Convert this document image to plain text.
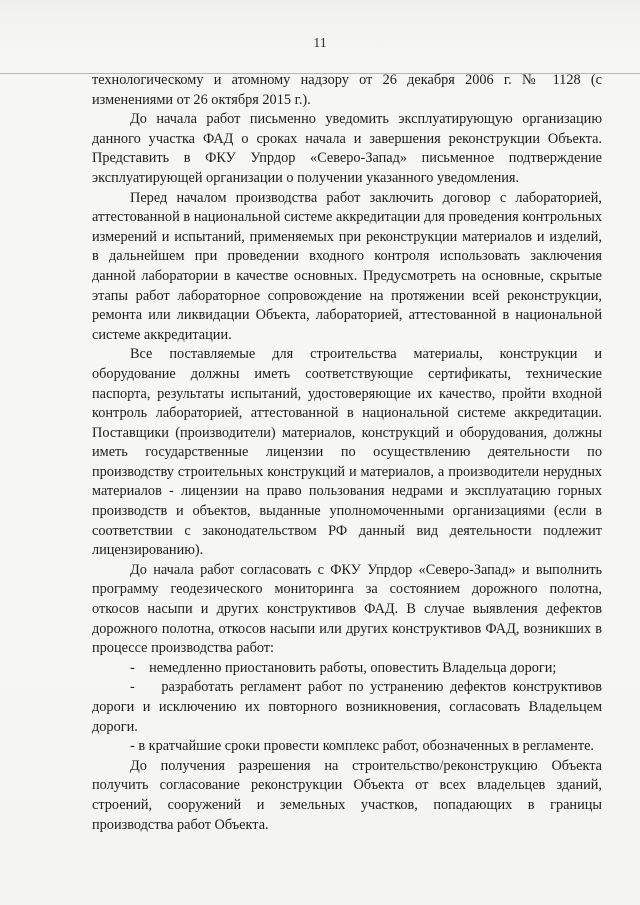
11

технологическому и атомному надзору от 26 декабря 2006 г. № 1128 (с изменениями от 26 октября 2015 г.).

До начала работ письменно уведомить эксплуатирующую организацию данного участка ФАД о сроках начала и завершения реконструкции Объекта. Представить в ФКУ Упрдор «Северо-Запад» письменное подтверждение эксплуатирующей организации о получении указанного уведомления.

Перед началом производства работ заключить договор с лабораторией, аттестованной в национальной системе аккредитации для проведения контрольных измерений и испытаний, применяемых при реконструкции материалов и изделий, в дальнейшем при проведении входного контроля использовать заключения данной лаборатории в качестве основных. Предусмотреть на основные, скрытые этапы работ лабораторное сопровождение на протяжении всей реконструкции, ремонта или ликвидации Объекта, лабораторией, аттестованной в национальной системе аккредитации.

Все поставляемые для строительства материалы, конструкции и оборудование должны иметь соответствующие сертификаты, технические паспорта, результаты испытаний, удостоверяющие их качество, пройти входной контроль лабораторией, аттестованной в национальной системе аккредитации. Поставщики (производители) материалов, конструкций и оборудования, должны иметь государственные лицензии по осуществлению деятельности по производству строительных конструкций и материалов, а производители нерудных материалов - лицензии на право пользования недрами и эксплуатацию горных производств и объектов, выданные уполномоченными организациями (если в соответствии с законодательством РФ данный вид деятельности подлежит лицензированию).

До начала работ согласовать с ФКУ Упрдор «Северо-Запад» и выполнить программу геодезического мониторинга за состоянием дорожного полотна, откосов насыпи и других конструктивов ФАД. В случае выявления дефектов дорожного полотна, откосов насыпи или других конструктивов ФАД, возникших в процессе производства работ:

- немедленно приостановить работы, оповестить Владельца дороги;

- разработать регламент работ по устранению дефектов конструктивов дороги и исключению их повторного возникновения, согласовать Владельцем дороги.

- в кратчайшие сроки провести комплекс работ, обозначенных в регламенте.

До получения разрешения на строительство/реконструкцию Объекта получить согласование реконструкции Объекта от всех владельцев зданий, строений, сооружений и земельных участков, попадающих в границы производства работ Объекта.
